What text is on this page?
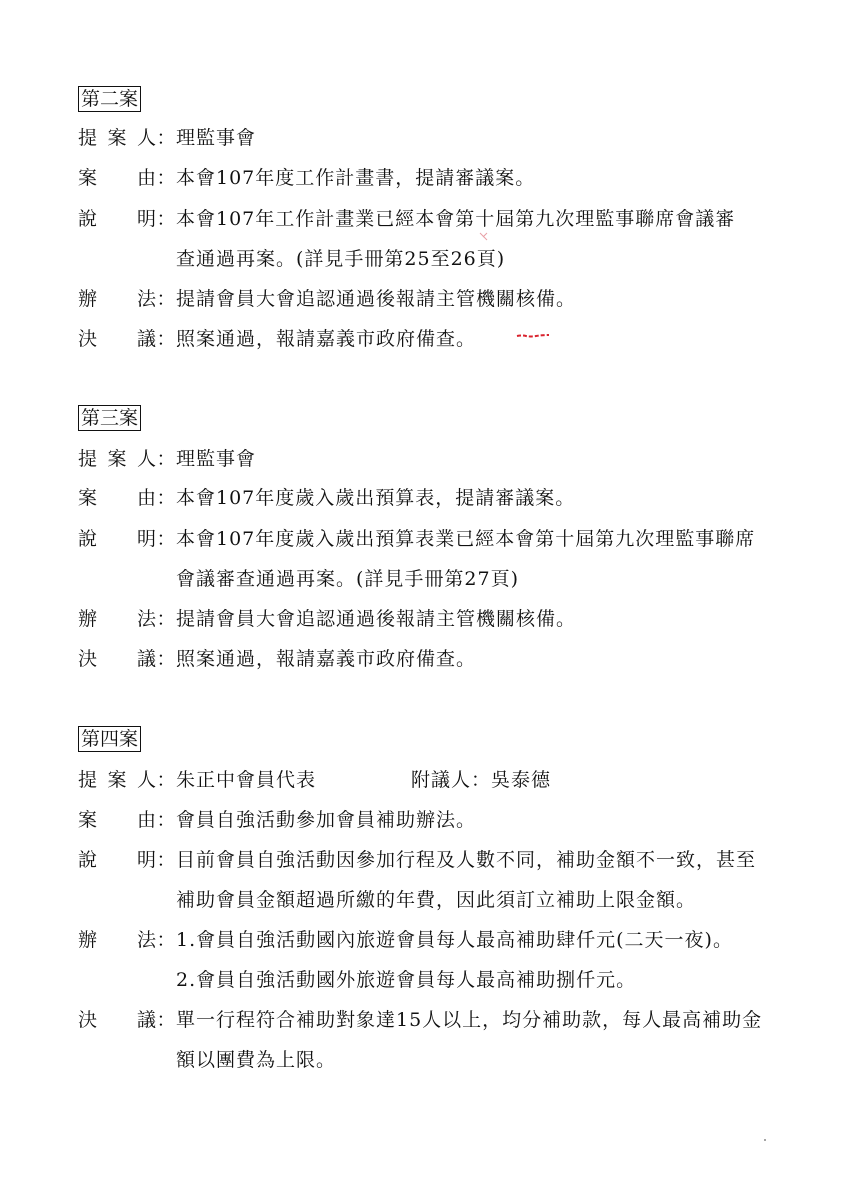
第二案
提 案 人 ： 理監事會
案 由 ： 本會107年度工作計畫書，提請審議案。
說 明 ： 本會107年工作計畫業已經本會第十屆第九次理監事聯席會議審
查通過再案。(詳見手冊第25至26頁)
辦 法 ： 提請會員大會追認通過後報請主管機關核備。
決 議 ： 照案通過，報請嘉義市政府備查。
第三案
提 案 人 ： 理監事會
案 由 ： 本會107年度歲入歲出預算表，提請審議案。
說 明 ： 本會107年度歲入歲出預算表業已經本會第十屆第九次理監事聯席
會議審查通過再案。(詳見手冊第27頁)
辦 法 ： 提請會員大會追認通過後報請主管機關核備。
決 議 ： 照案通過，報請嘉義市政府備查。
第四案
提 案 人 ： 朱正中會員代表	附議人：吳泰德
案 由 ： 會員自強活動參加會員補助辦法。
說 明 ： 目前會員自強活動因參加行程及人數不同，補助金額不一致，甚至
補助會員金額超過所繳的年費，因此須訂立補助上限金額。
辦 法 ： 1.會員自強活動國內旅遊會員每人最高補助肆仟元(二天一夜)。
2.會員自強活動國外旅遊會員每人最高補助捌仟元。
決 議 ： 單一行程符合補助對象達15人以上，均分補助款，每人最高補助金
額以團費為上限。
